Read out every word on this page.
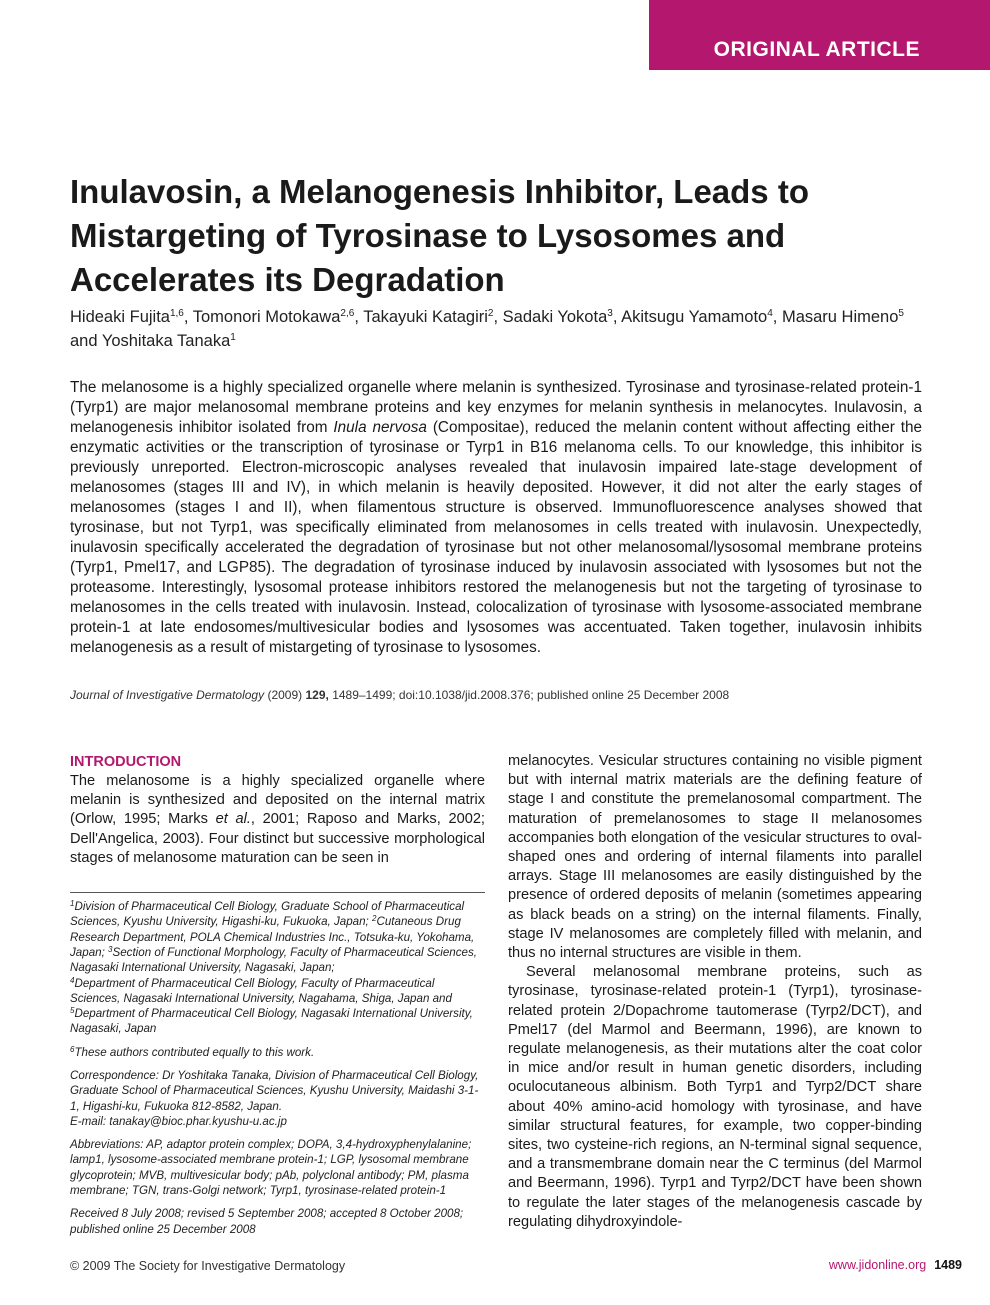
ORIGINAL ARTICLE
Inulavosin, a Melanogenesis Inhibitor, Leads to Mistargeting of Tyrosinase to Lysosomes and Accelerates its Degradation
Hideaki Fujita$^{1,6}$, Tomonori Motokawa$^{2,6}$, Takayuki Katagiri$^2$, Sadaki Yokota$^3$, Akitsugu Yamamoto$^4$, Masaru Himeno$^5$ and Yoshitaka Tanaka$^1$

The melanosome is a highly specialized organelle where melanin is synthesized. Tyrosinase and tyrosinase-related protein-1 (Tyrp1) are major melanosomal membrane proteins and key enzymes for melanin synthesis in melanocytes. Inulavosin, a melanogenesis inhibitor isolated from Inula nervosa (Compositae), reduced the melanin content without affecting either the enzymatic activities or the transcription of tyrosinase or Tyrp1 in B16 melanoma cells. To our knowledge, this inhibitor is previously unreported. Electron-microscopic analyses revealed that inulavosin impaired late-stage development of melanosomes (stages III and IV), in which melanin is heavily deposited. However, it did not alter the early stages of melanosomes (stages I and II), when filamentous structure is observed. Immunofluorescence analyses showed that tyrosinase, but not Tyrp1, was specifically eliminated from melanosomes in cells treated with inulavosin. Unexpectedly, inulavosin specifically accelerated the degradation of tyrosinase but not other melanosomal/lysosomal membrane proteins (Tyrp1, Pmel17, and LGP85). The degradation of tyrosinase induced by inulavosin associated with lysosomes but not the proteasome. Interestingly, lysosomal protease inhibitors restored the melanogenesis but not the targeting of tyrosinase to melanosomes in the cells treated with inulavosin. Instead, colocalization of tyrosinase with lysosome-associated membrane protein-1 at late endosomes/multivesicular bodies and lysosomes was accentuated. Taken together, inulavosin inhibits melanogenesis as a result of mistargeting of tyrosinase to lysosomes.

Journal of Investigative Dermatology (2009) 129, 1489–1499; doi:10.1038/jid.2008.376; published online 25 December 2008
INTRODUCTION

The melanosome is a highly specialized organelle where melanin is synthesized and deposited on the internal matrix (Orlow, 1995; Marks et al., 2001; Raposo and Marks, 2002; Dell'Angelica, 2003). Four distinct but successive morphological stages of melanosome maturation can be seen in

$^1$Division of Pharmaceutical Cell Biology, Graduate School of Pharmaceutical Sciences, Kyushu University, Higashi-ku, Fukuoka, Japan; $^2$Cutaneous Drug Research Department, POLA Chemical Industries Inc., Totsuka-ku, Yokohama, Japan; $^3$Section of Functional Morphology, Faculty of Pharmaceutical Sciences, Nagasaki International University, Nagasaki, Japan;
$^4$Department of Pharmaceutical Cell Biology, Faculty of Pharmaceutical Sciences, Nagasaki International University, Nagahama, Shiga, Japan and
$^5$Department of Pharmaceutical Cell Biology, Nagasaki International University, Nagasaki, Japan

$^6$These authors contributed equally to this work.

Correspondence: Dr Yoshitaka Tanaka, Division of Pharmaceutical Cell Biology, Graduate School of Pharmaceutical Sciences, Kyushu University, Maidashi 3-1-1, Higashi-ku, Fukuoka 812-8582, Japan.
E-mail: tanakay@bioc.phar.kyushu-u.ac.jp

Abbreviations: AP, adaptor protein complex; DOPA, 3,4-hydroxyphenylalanine; lamp1, lysosome-associated membrane protein-1; LGP, lysosomal membrane glycoprotein; MVB, multivesicular body; pAb, polyclonal antibody; PM, plasma membrane; TGN, trans-Golgi network; Tyrp1, tyrosinase-related protein-1

Received 8 July 2008; revised 5 September 2008; accepted 8 October 2008; published online 25 December 2008

melanocytes. Vesicular structures containing no visible pigment but with internal matrix materials are the defining feature of stage I and constitute the premelanosomal compartment. The maturation of premelanosomes to stage II melanosomes accompanies both elongation of the vesicular structures to oval-shaped ones and ordering of internal filaments into parallel arrays. Stage III melanosomes are easily distinguished by the presence of ordered deposits of melanin (sometimes appearing as black beads on a string) on the internal filaments. Finally, stage IV melanosomes are completely filled with melanin, and thus no internal structures are visible in them.

Several melanosomal membrane proteins, such as tyrosinase, tyrosinase-related protein-1 (Tyrp1), tyrosinase-related protein 2/Dopachrome tautomerase (Tyrp2/DCT), and Pmel17 (del Marmol and Beermann, 1996), are known to regulate melanogenesis, as their mutations alter the coat color in mice and/or result in human genetic disorders, including oculocutaneous albinism. Both Tyrp1 and Tyrp2/DCT share about 40% amino-acid homology with tyrosinase, and have similar structural features, for example, two copper-binding sites, two cysteine-rich regions, an N-terminal signal sequence, and a transmembrane domain near the C terminus (del Marmol and Beermann, 1996). Tyrp1 and Tyrp2/DCT have been shown to regulate the later stages of the melanogenesis cascade by regulating dihydroxyindole-

© 2009 The Society for Investigative Dermatology	www.jidonline.org 1489
